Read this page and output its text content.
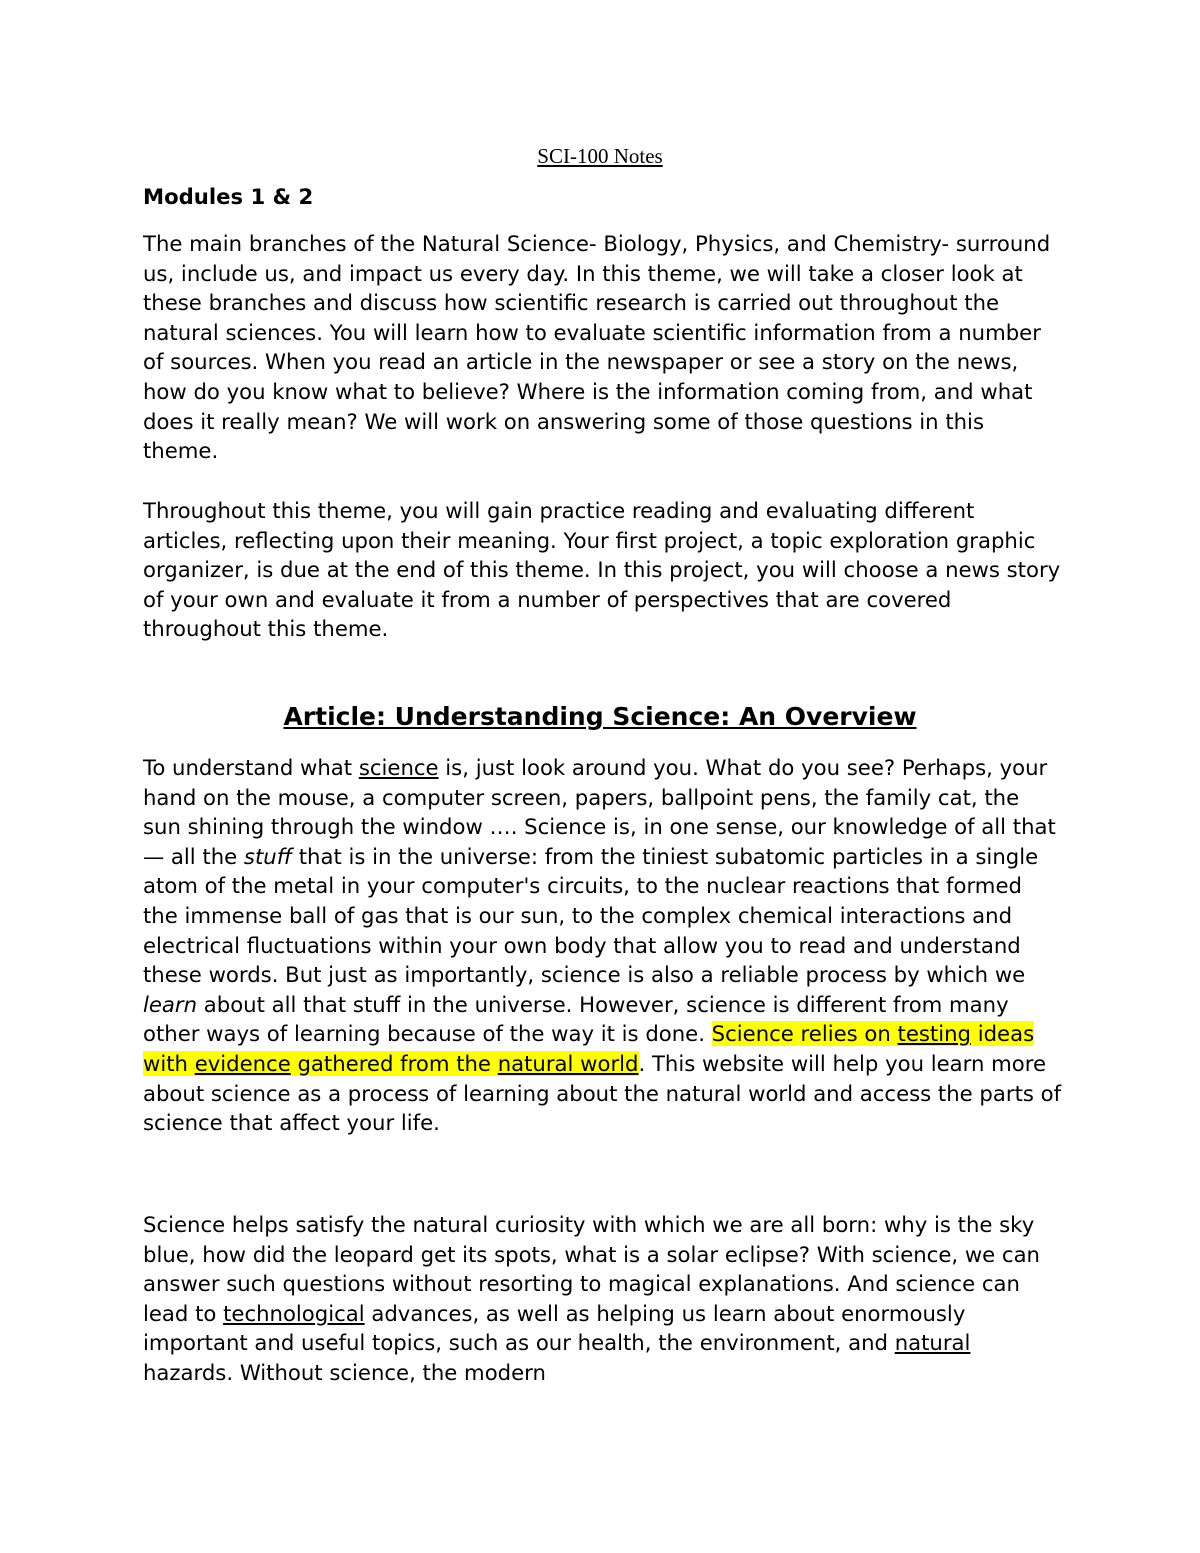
SCI-100 Notes
Modules 1 & 2

The main branches of the Natural Science- Biology, Physics, and Chemistry- surround us, include us, and impact us every day. In this theme, we will take a closer look at these branches and discuss how scientific research is carried out throughout the natural sciences. You will learn how to evaluate scientific information from a number of sources. When you read an article in the newspaper or see a story on the news, how do you know what to believe? Where is the information coming from, and what does it really mean? We will work on answering some of those questions in this theme.

Throughout this theme, you will gain practice reading and evaluating different articles, reflecting upon their meaning. Your first project, a topic exploration graphic organizer, is due at the end of this theme. In this project, you will choose a news story of your own and evaluate it from a number of perspectives that are covered throughout this theme.

Article: Understanding Science: An Overview

To understand what science is, just look around you. What do you see? Perhaps, your hand on the mouse, a computer screen, papers, ballpoint pens, the family cat, the sun shining through the window …. Science is, in one sense, our knowledge of all that — all the stuff that is in the universe: from the tiniest subatomic particles in a single atom of the metal in your computer's circuits, to the nuclear reactions that formed the immense ball of gas that is our sun, to the complex chemical interactions and electrical fluctuations within your own body that allow you to read and understand these words. But just as importantly, science is also a reliable process by which we learn about all that stuff in the universe. However, science is different from many other ways of learning because of the way it is done. Science relies on testing ideas with evidence gathered from the natural world. This website will help you learn more about science as a process of learning about the natural world and access the parts of science that affect your life.

Science helps satisfy the natural curiosity with which we are all born: why is the sky blue, how did the leopard get its spots, what is a solar eclipse? With science, we can answer such questions without resorting to magical explanations. And science can lead to technological advances, as well as helping us learn about enormously important and useful topics, such as our health, the environment, and natural hazards. Without science, the modern
